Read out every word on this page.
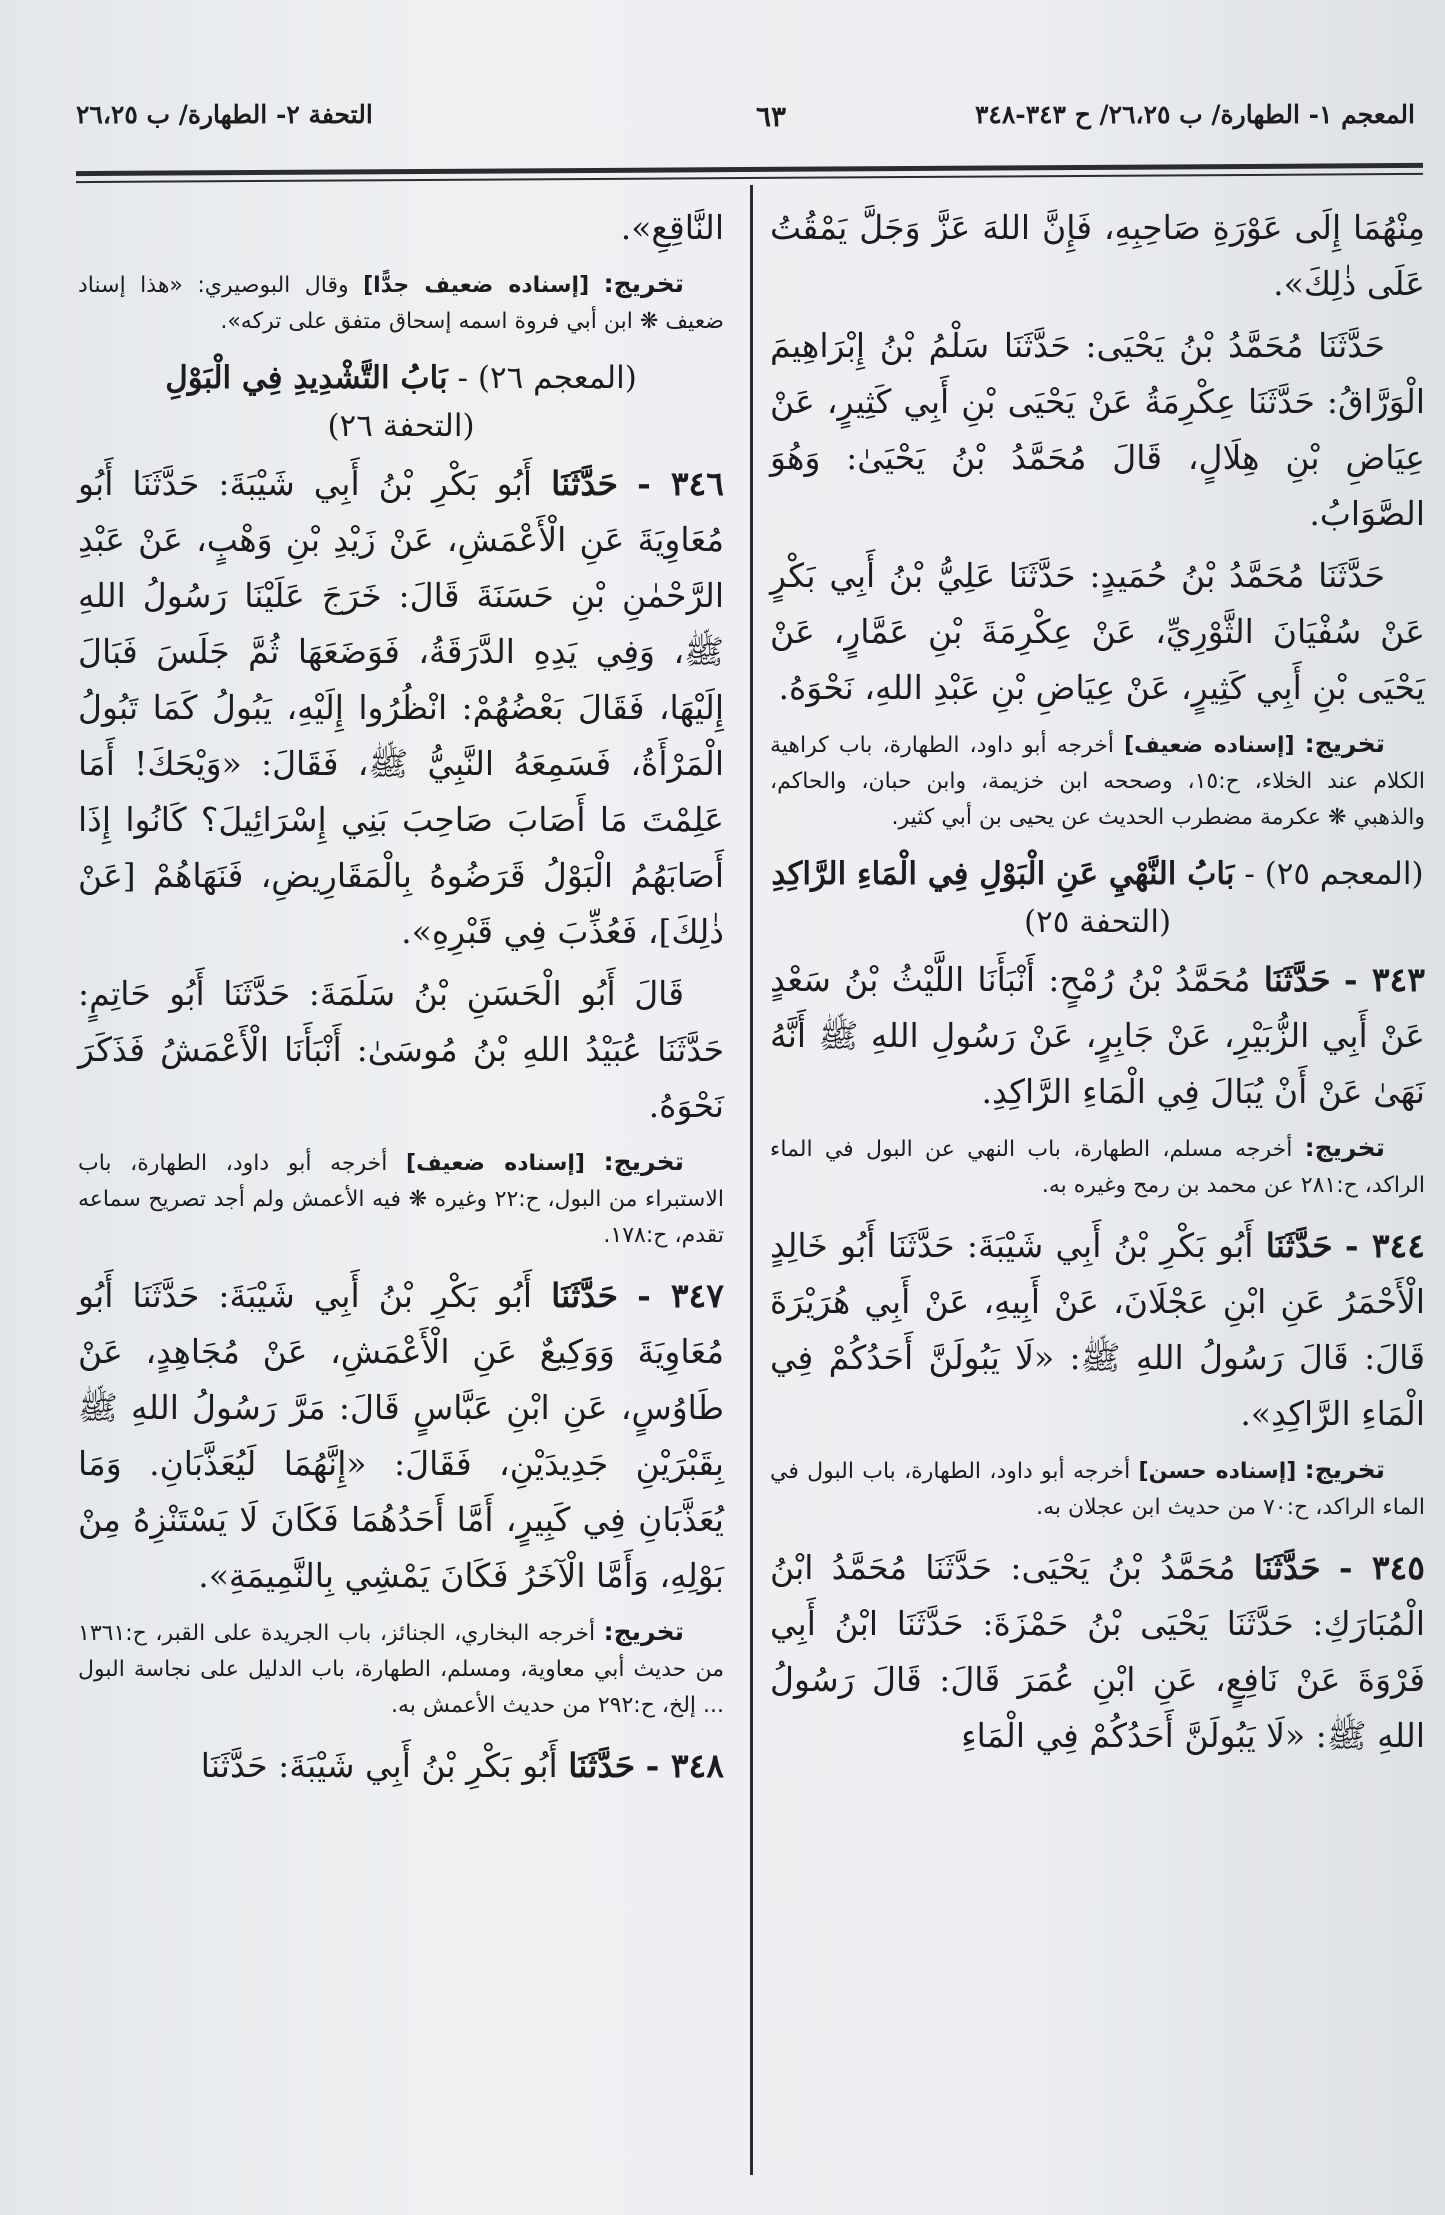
المعجم ١- الطهارة/ ب ٢٦،٢٥/ ح ٣٤٣-٣٤٨
٦٣
التحفة ٢- الطهارة/ ب ٢٦،٢٥

مِنْهُمَا إِلَى عَوْرَةِ صَاحِبِهِ، فَإِنَّ اللهَ عَزَّ وَجَلَّ يَمْقُتُ عَلَى ذٰلِكَ».

حَدَّثَنَا مُحَمَّدُ بْنُ يَحْيَى: حَدَّثَنَا سَلْمُ بْنُ إِبْرَاهِيمَ الْوَرَّاقُ: حَدَّثَنَا عِكْرِمَةُ عَنْ يَحْيَى بْنِ أَبِي كَثِيرٍ، عَنْ عِيَاضِ بْنِ هِلَالٍ، قَالَ مُحَمَّدُ بْنُ يَحْيَىٰ: وَهُوَ الصَّوَابُ.

حَدَّثَنَا مُحَمَّدُ بْنُ حُمَيدٍ: حَدَّثَنَا عَلِيُّ بْنُ أَبِي بَكْرٍ عَنْ سُفْيَانَ الثَّوْرِيِّ، عَنْ عِكْرِمَةَ بْنِ عَمَّارٍ، عَنْ يَحْيَى بْنِ أَبِي كَثِيرٍ، عَنْ عِيَاضِ بْنِ عَبْدِ اللهِ، نَحْوَهُ.

تخريج: [إسناده ضعيف] أخرجه أبو داود، الطهارة، باب كراهية الكلام عند الخلاء، ح:١٥، وصححه ابن خزيمة، وابن حبان، والحاكم، والذهبي ❋ عكرمة مضطرب الحديث عن يحيى بن أبي كثير.

(المعجم ٢٥) - بَابُ النَّهْيِ عَنِ الْبَوْلِ فِي الْمَاءِ الرَّاكِدِ (التحفة ٢٥)

٣٤٣ - حَدَّثَنَا مُحَمَّدُ بْنُ رُمْحٍ: أَنْبَأَنَا اللَّيْثُ بْنُ سَعْدٍ عَنْ أَبِي الزُّبَيْرِ، عَنْ جَابِرٍ، عَنْ رَسُولِ اللهِ ﷺ أَنَّهُ نَهَىٰ عَنْ أَنْ يُبَالَ فِي الْمَاءِ الرَّاكِدِ.

تخريج: أخرجه مسلم، الطهارة، باب النهي عن البول في الماء الراكد، ح:٢٨١ عن محمد بن رمح وغيره به.

٣٤٤ - حَدَّثَنَا أَبُو بَكْرِ بْنُ أَبِي شَيْبَةَ: حَدَّثَنَا أَبُو خَالِدٍ الْأَحْمَرُ عَنِ ابْنِ عَجْلَانَ، عَنْ أَبِيهِ، عَنْ أَبِي هُرَيْرَةَ قَالَ: قَالَ رَسُولُ اللهِ ﷺ: «لَا يَبُولَنَّ أَحَدُكُمْ فِي الْمَاءِ الرَّاكِدِ».

تخريج: [إسناده حسن] أخرجه أبو داود، الطهارة، باب البول في الماء الراكد، ح:٧٠ من حديث ابن عجلان به.

٣٤٥ - حَدَّثَنَا مُحَمَّدُ بْنُ يَحْيَى: حَدَّثَنَا مُحَمَّدُ ابْنُ الْمُبَارَكِ: حَدَّثَنَا يَحْيَى بْنُ حَمْزَةَ: حَدَّثَنَا ابْنُ أَبِي فَرْوَةَ عَنْ نَافِعٍ، عَنِ ابْنِ عُمَرَ قَالَ: قَالَ رَسُولُ اللهِ ﷺ: «لَا يَبُولَنَّ أَحَدُكُمْ فِي الْمَاءِ

النَّاقِعِ».

تخريج: [إسناده ضعيف جدًّا] وقال البوصيري: «هذا إسناد ضعيف ❋ ابن أبي فروة اسمه إسحاق متفق على تركه».

(المعجم ٢٦) - بَابُ التَّشْدِيدِ فِي الْبَوْلِ
(التحفة ٢٦)

٣٤٦ - حَدَّثَنَا أَبُو بَكْرِ بْنُ أَبِي شَيْبَةَ: حَدَّثَنَا أَبُو مُعَاوِيَةَ عَنِ الْأَعْمَشِ، عَنْ زَيْدِ بْنِ وَهْبٍ، عَنْ عَبْدِ الرَّحْمٰنِ بْنِ حَسَنَةَ قَالَ: خَرَجَ عَلَيْنَا رَسُولُ اللهِ ﷺ، وَفِي يَدِهِ الدَّرَقَةُ، فَوَضَعَهَا ثُمَّ جَلَسَ فَبَالَ إِلَيْهَا، فَقَالَ بَعْضُهُمْ: انْظُرُوا إِلَيْهِ، يَبُولُ كَمَا تَبُولُ الْمَرْأَةُ، فَسَمِعَهُ النَّبِيُّ ﷺ، فَقَالَ: «وَيْحَكَ! أَمَا عَلِمْتَ مَا أَصَابَ صَاحِبَ بَنِي إِسْرَائِيلَ؟ كَانُوا إِذَا أَصَابَهُمُ الْبَوْلُ قَرَضُوهُ بِالْمَقَارِيضِ، فَنَهَاهُمْ [عَنْ ذٰلِكَ]، فَعُذِّبَ فِي قَبْرِهِ».

قَالَ أَبُو الْحَسَنِ بْنُ سَلَمَةَ: حَدَّثَنَا أَبُو حَاتِمٍ: حَدَّثَنَا عُبَيْدُ اللهِ بْنُ مُوسَىٰ: أَنْبَأَنَا الْأَعْمَشُ فَذَكَرَ نَحْوَهُ.

تخريج: [إسناده ضعيف] أخرجه أبو داود، الطهارة، باب الاستبراء من البول، ح:٢٢ وغيره ❋ فيه الأعمش ولم أجد تصريح سماعه تقدم، ح:١٧٨.

٣٤٧ - حَدَّثَنَا أَبُو بَكْرِ بْنُ أَبِي شَيْبَةَ: حَدَّثَنَا أَبُو مُعَاوِيَةَ وَوَكِيعٌ عَنِ الْأَعْمَشِ، عَنْ مُجَاهِدٍ، عَنْ طَاوُسٍ، عَنِ ابْنِ عَبَّاسٍ قَالَ: مَرَّ رَسُولُ اللهِ ﷺ بِقَبْرَيْنِ جَدِيدَيْنِ، فَقَالَ: «إِنَّهُمَا لَيُعَذَّبَانِ. وَمَا يُعَذَّبَانِ فِي كَبِيرٍ، أَمَّا أَحَدُهُمَا فَكَانَ لَا يَسْتَنْزِهُ مِنْ بَوْلِهِ، وَأَمَّا الْآخَرُ فَكَانَ يَمْشِي بِالنَّمِيمَةِ».

تخريج: أخرجه البخاري، الجنائز، باب الجريدة على القبر، ح:١٣٦١ من حديث أبي معاوية، ومسلم، الطهارة، باب الدليل على نجاسة البول ... إلخ، ح:٢٩٢ من حديث الأعمش به.

٣٤٨ - حَدَّثَنَا أَبُو بَكْرِ بْنُ أَبِي شَيْبَةَ: حَدَّثَنَا
